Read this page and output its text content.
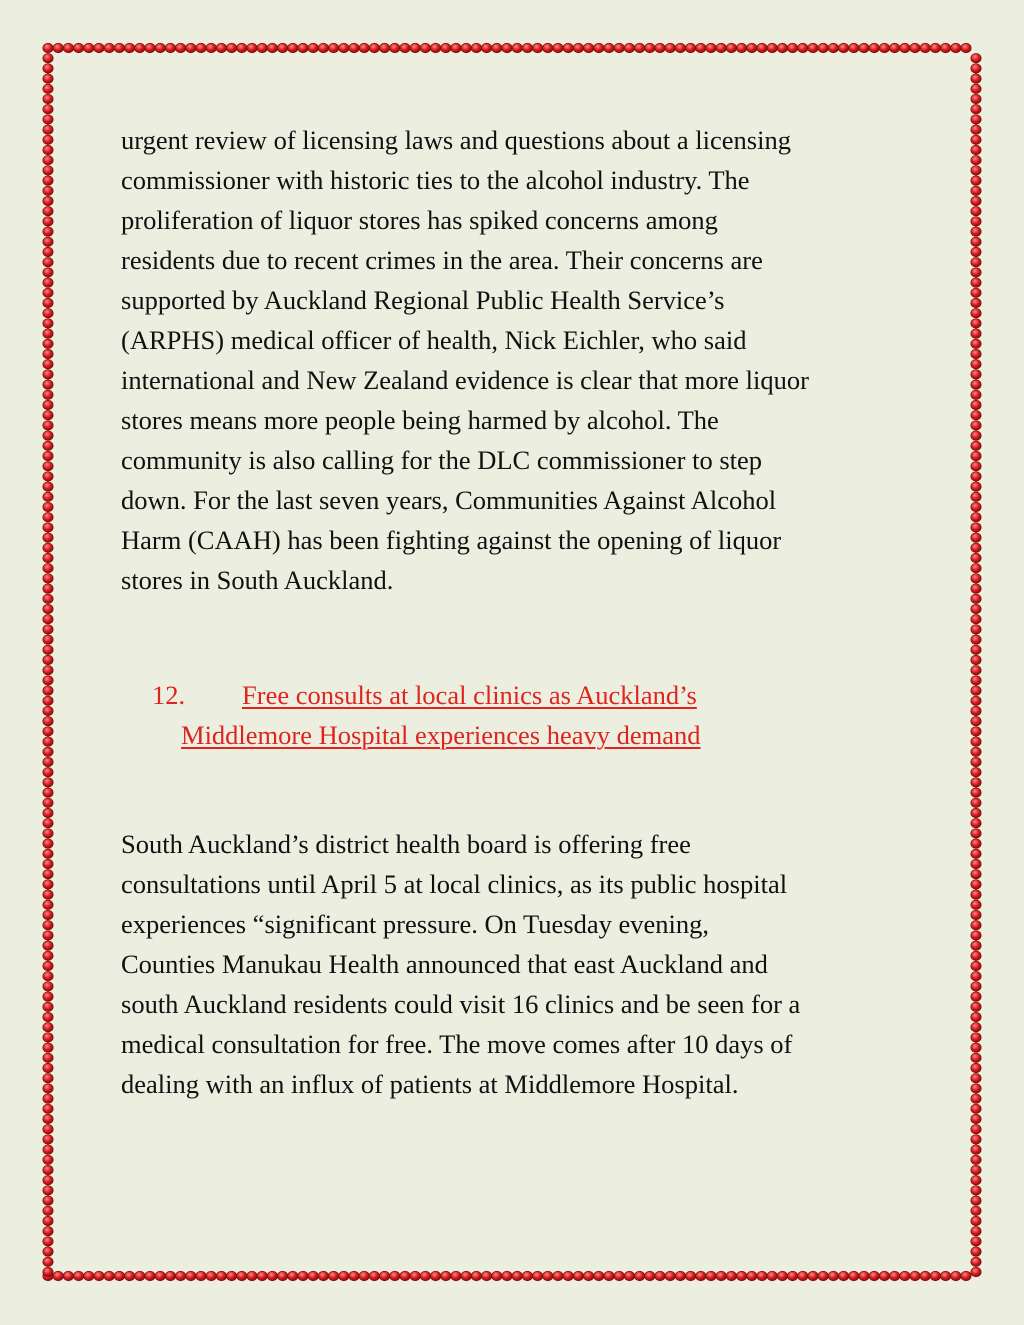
urgent review of licensing laws and questions about a licensing
commissioner with historic ties to the alcohol industry. The
proliferation of liquor stores has spiked concerns among
residents due to recent crimes in the area. Their concerns are
supported by Auckland Regional Public Health Service’s
(ARPHS) medical officer of health, Nick Eichler, who said
international and New Zealand evidence is clear that more liquor
stores means more people being harmed by alcohol. The
community is also calling for the DLC commissioner to step
down. For the last seven years, Communities Against Alcohol
Harm (CAAH) has been fighting against the opening of liquor
stores in South Auckland.

12. Free consults at local clinics as Auckland’s
Middlemore Hospital experiences heavy demand

South Auckland’s district health board is offering free
consultations until April 5 at local clinics, as its public hospital
experiences “significant pressure. On Tuesday evening,
Counties Manukau Health announced that east Auckland and
south Auckland residents could visit 16 clinics and be seen for a
medical consultation for free. The move comes after 10 days of
dealing with an influx of patients at Middlemore Hospital.
